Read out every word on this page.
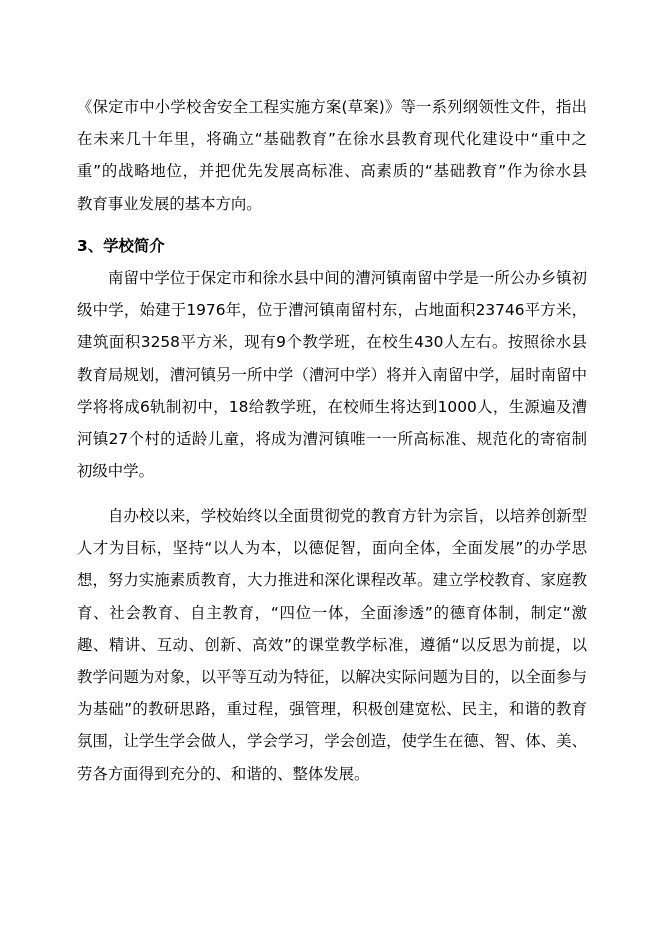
《保定市中小学校舍安全工程实施方案(草案)》等一系列纲领性文件，指出
在未来几十年里，将确立“基础教育”在徐水县教育现代化建设中“重中之
重”的战略地位，并把优先发展高标准、高素质的“基础教育”作为徐水县
教育事业发展的基本方向。
3、学校简介
南留中学位于保定市和徐水县中间的漕河镇南留中学是一所公办乡镇初
级中学，始建于1976年，位于漕河镇南留村东，占地面积23746平方米，
建筑面积3258平方米，现有9个教学班，在校生430人左右。按照徐水县
教育局规划，漕河镇另一所中学（漕河中学）将并入南留中学，届时南留中
学将将成6轨制初中，18给教学班，在校师生将达到1000人，生源遍及漕
河镇27个村的适龄儿童，将成为漕河镇唯一一所高标准、规范化的寄宿制
初级中学。
自办校以来，学校始终以全面贯彻党的教育方针为宗旨，以培养创新型
人才为目标，坚持“以人为本，以德促智，面向全体，全面发展”的办学思
想，努力实施素质教育，大力推进和深化课程改革。建立学校教育、家庭教
育、社会教育、自主教育，“四位一体，全面渗透”的德育体制，制定“激
趣、精讲、互动、创新、高效”的课堂教学标准，遵循“以反思为前提，以
教学问题为对象，以平等互动为特征，以解决实际问题为目的，以全面参与
为基础”的教研思路，重过程，强管理，积极创建宽松、民主，和谐的教育
氛围，让学生学会做人，学会学习，学会创造，使学生在德、智、体、美、
劳各方面得到充分的、和谐的、整体发展。
